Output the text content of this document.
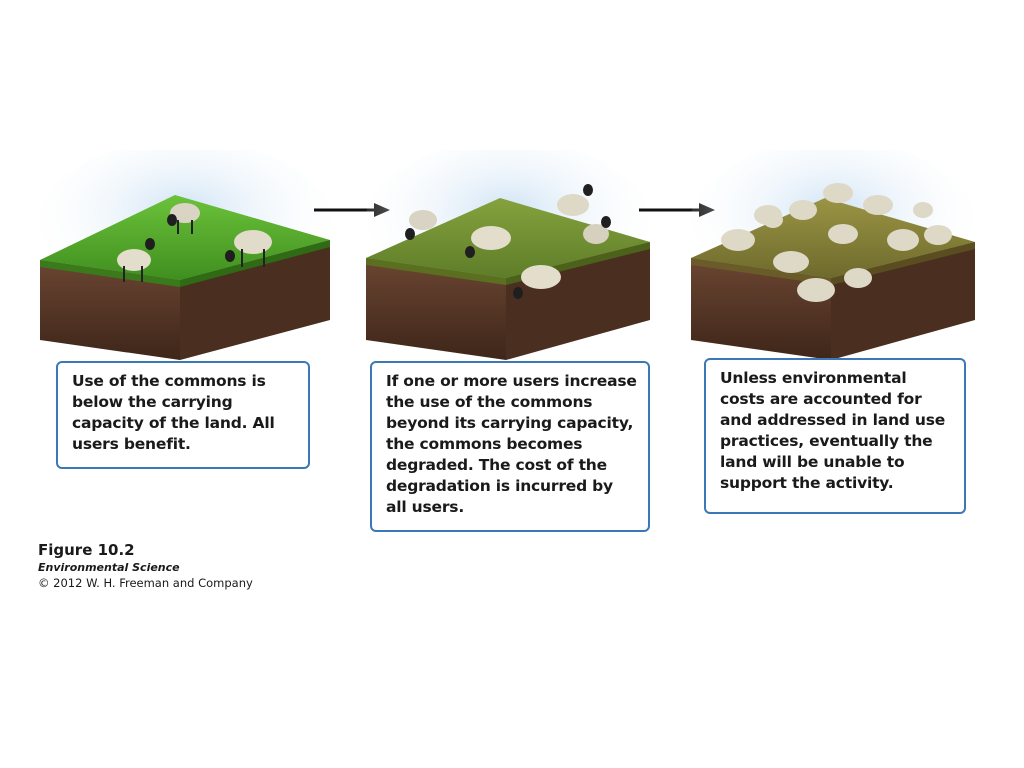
Use of the commons is
below the carrying
capacity of the land. All
users benefit.
If one or more users increase
the use of the commons
beyond its carrying capacity,
the commons becomes
degraded. The cost of the
degradation is incurred by
all users.
Unless environmental
costs are accounted for
and addressed in land use
practices, eventually the
land will be unable to
support the activity.
Figure 10.2
Environmental Science
© 2012 W. H. Freeman and Company
